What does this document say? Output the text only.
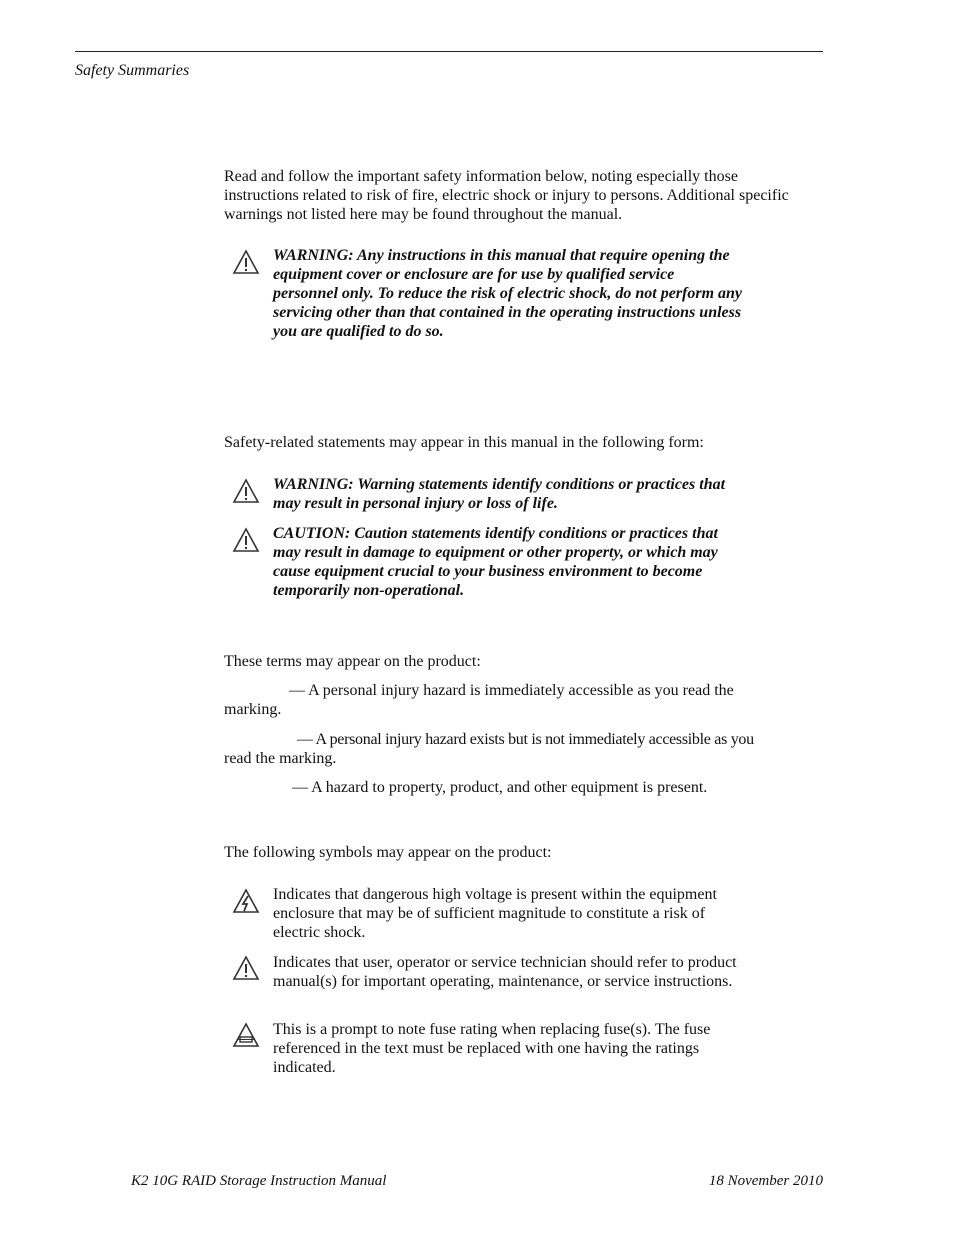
Safety Summaries
Read and follow the important safety information below, noting especially those instructions related to risk of fire, electric shock or injury to persons. Additional specific warnings not listed here may be found throughout the manual.
WARNING: Any instructions in this manual that require opening the equipment cover or enclosure are for use by qualified service personnel only. To reduce the risk of electric shock, do not perform any servicing other than that contained in the operating instructions unless you are qualified to do so.
Safety-related statements may appear in this manual in the following form:
WARNING: Warning statements identify conditions or practices that may result in personal injury or loss of life.
CAUTION: Caution statements identify conditions or practices that may result in damage to equipment or other property, or which may cause equipment crucial to your business environment to become temporarily non-operational.
These terms may appear on the product:
— A personal injury hazard is immediately accessible as you read the
marking.
— A personal injury hazard exists but is not immediately accessible as you
read the marking.
— A hazard to property, product, and other equipment is present.
The following symbols may appear on the product:
Indicates that dangerous high voltage is present within the equipment enclosure that may be of sufficient magnitude to constitute a risk of electric shock.
Indicates that user, operator or service technician should refer to product manual(s) for important operating, maintenance, or service instructions.
This is a prompt to note fuse rating when replacing fuse(s). The fuse referenced in the text must be replaced with one having the ratings indicated.
K2 10G RAID Storage Instruction Manual	18 November 2010
